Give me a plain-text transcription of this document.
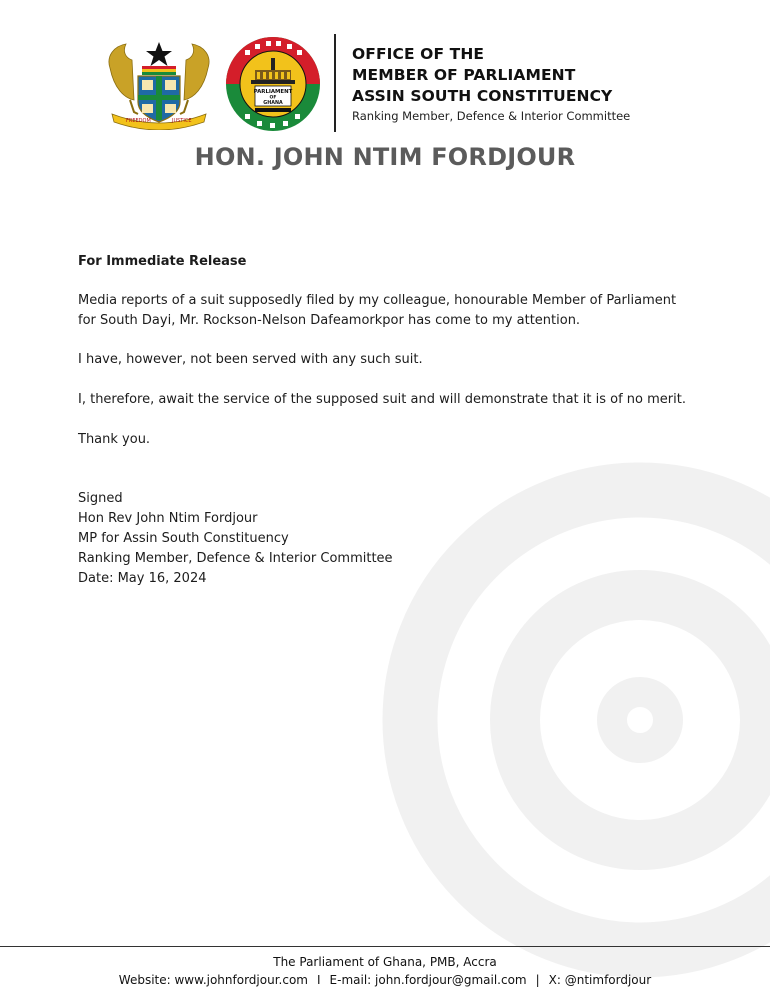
FREEDOM	JUSTICE
PARLIAMENT
OF
GHANA
OFFICE OF THE
MEMBER OF PARLIAMENT
ASSIN SOUTH CONSTITUENCY
Ranking Member, Defence & Interior Committee
HON. JOHN NTIM FORDJOUR

For Immediate Release

Media reports of a suit supposedly filed by my colleague, honourable Member of Parliament
for South Dayi, Mr. Rockson-Nelson Dafeamorkpor has come to my attention.

I have, however, not been served with any such suit.

I, therefore, await the service of the supposed suit and will demonstrate that it is of no merit.

Thank you.

Signed
Hon Rev John Ntim Fordjour
MP for Assin South Constituency
Ranking Member, Defence & Interior Committee
Date: May 16, 2024
The Parliament of Ghana, PMB, Accra
Website: www.johnfordjour.com I E-mail: john.fordjour@gmail.com | X: @ntimfordjour
